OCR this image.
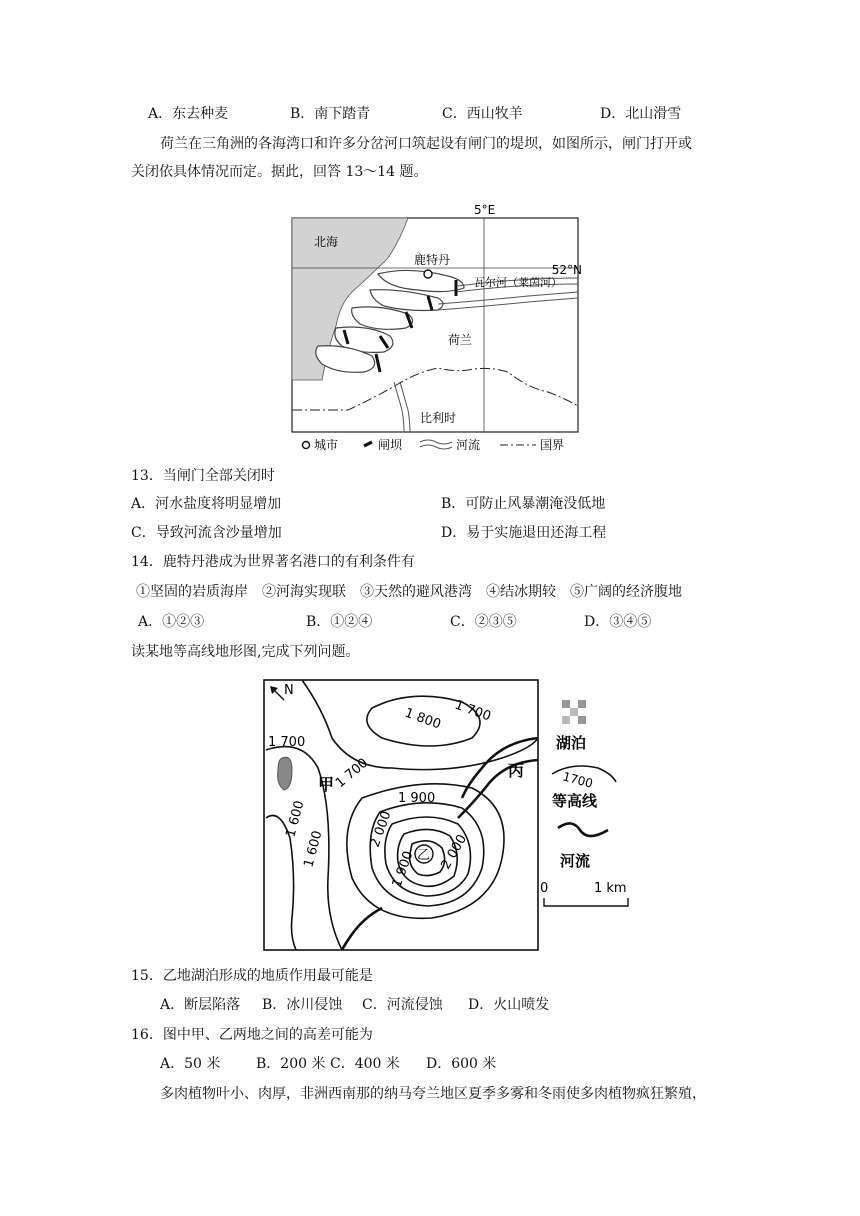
A．东去种麦	B．南下踏青	C．西山牧羊	D．北山滑雪
荷兰在三角洲的各海湾口和许多分岔河口筑起设有闸门的堤坝，如图所示，闸门打开或
关闭依具体情况而定。据此，回答 13～14 题。
5°E
52°N
北海
鹿特丹
瓦尔河（莱茵河）
荷兰
比利时
城市	闸坝	河流	国界
13．当闸门全部关闭时
A．河水盐度将明显增加	B．可防止风暴潮淹没低地
C．导致河流含沙量增加	D．易于实施退田还海工程
14．鹿特丹港成为世界著名港口的有利条件有
①坚固的岩质海岸　②河海实现联　③天然的避风港湾　④结冰期较　⑤广阔的经济腹地
A．①②③	B．①②④	C．②③⑤	D．③④⑤
读某地等高线地形图,完成下列问题。
N
1 700
1 800
1 700
1 700
1 900
2 000
2 000
1 900
1 600
1 600
甲
乙
丙
湖泊
1700
等高线
河流
0	1 km
15．乙地湖泊形成的地质作用最可能是
A．断层陷落 B．冰川侵蚀 C．河流侵蚀 D．火山喷发
16．图中甲、乙两地之间的高差可能为
A．50 米	B．200 米 C．400 米 D．600 米
多肉植物叶小、肉厚，非洲西南那的纳马夸兰地区夏季多雾和冬雨使多肉植物疯狂繁殖，
